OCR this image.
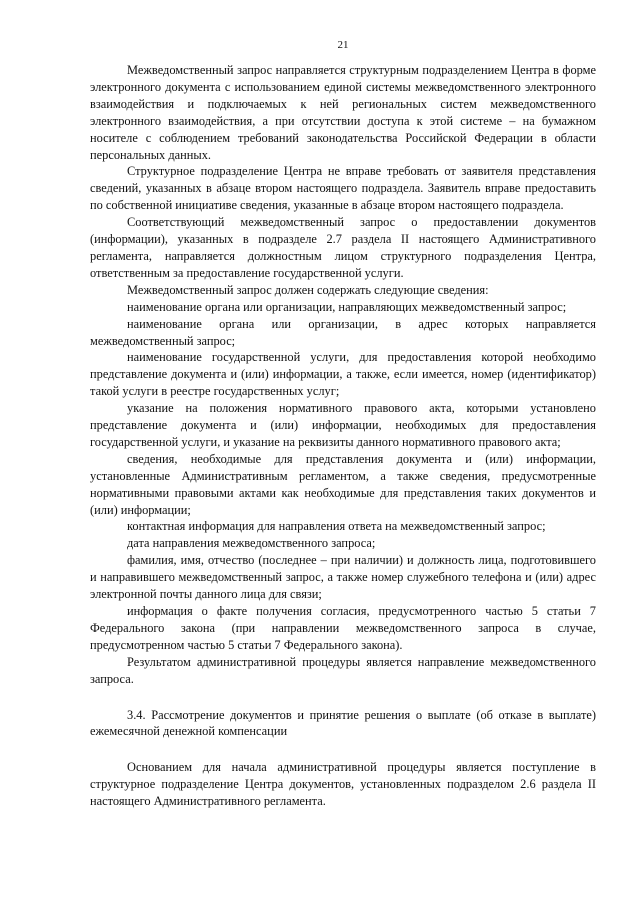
21

Межведомственный запрос направляется структурным подразделением Центра в форме электронного документа с использованием единой системы межведомственного электронного взаимодействия и подключаемых к ней региональных систем межведомственного электронного взаимодействия, а при отсутствии доступа к этой системе – на бумажном носителе с соблюдением требований законодательства Российской Федерации в области персональных данных.

Структурное подразделение Центра не вправе требовать от заявителя представления сведений, указанных в абзаце втором настоящего подраздела. Заявитель вправе предоставить по собственной инициативе сведения, указанные в абзаце втором настоящего подраздела.

Соответствующий межведомственный запрос о предоставлении документов (информации), указанных в подразделе 2.7 раздела II настоящего Административного регламента, направляется должностным лицом структурного подразделения Центра, ответственным за предоставление государственной услуги.

Межведомственный запрос должен содержать следующие сведения:

наименование органа или организации, направляющих межведомственный запрос;

наименование органа или организации, в адрес которых направляется межведомственный запрос;

наименование государственной услуги, для предоставления которой необходимо представление документа и (или) информации, а также, если имеется, номер (идентификатор) такой услуги в реестре государственных услуг;

указание на положения нормативного правового акта, которыми установлено представление документа и (или) информации, необходимых для предоставления государственной услуги, и указание на реквизиты данного нормативного правового акта;

сведения, необходимые для представления документа и (или) информации, установленные Административным регламентом, а также сведения, предусмотренные нормативными правовыми актами как необходимые для представления таких документов и (или) информации;

контактная информация для направления ответа на межведомственный запрос;

дата направления межведомственного запроса;

фамилия, имя, отчество (последнее – при наличии) и должность лица, подготовившего и направившего межведомственный запрос, а также номер служебного телефона и (или) адрес электронной почты данного лица для связи;

информация о факте получения согласия, предусмотренного частью 5 статьи 7 Федерального закона (при направлении межведомственного запроса в случае, предусмотренном частью 5 статьи 7 Федерального закона).

Результатом административной процедуры является направление межведомственного запроса.

3.4. Рассмотрение документов и принятие решения о выплате (об отказе в выплате) ежемесячной денежной компенсации

Основанием для начала административной процедуры является поступление в структурное подразделение Центра документов, установленных подразделом 2.6 раздела II настоящего Административного регламента.
